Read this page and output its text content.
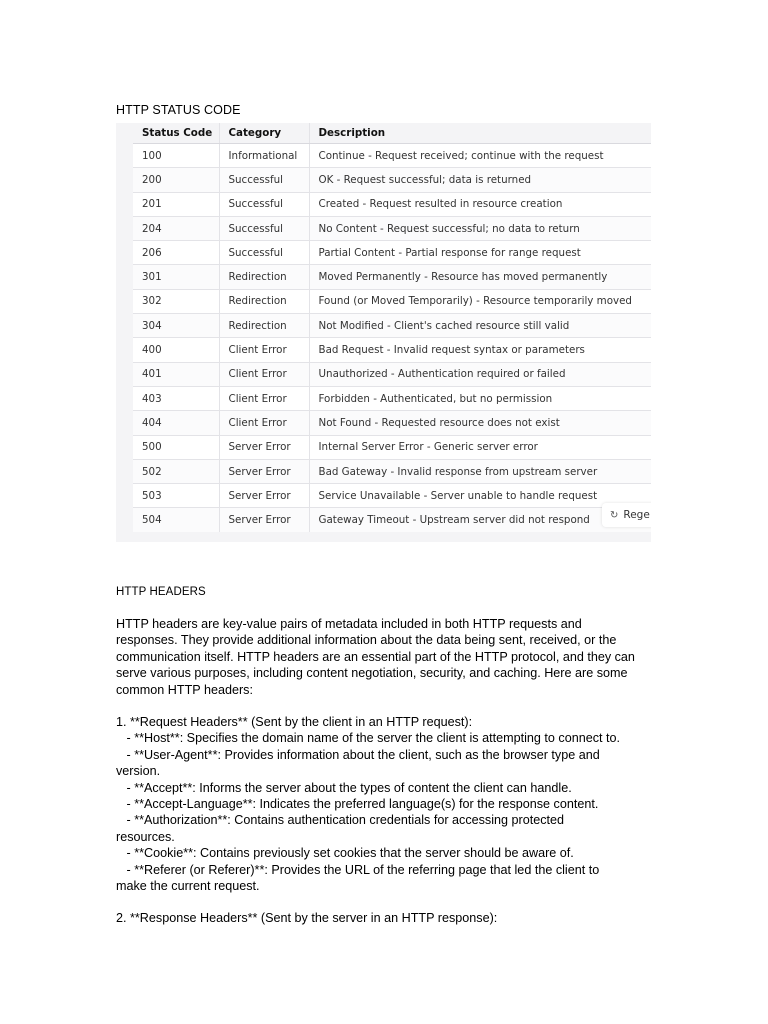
HTTP STATUS CODE
Status Code	Category	Description
100	Informational	Continue - Request received; continue with the request
200	Successful	OK - Request successful; data is returned
201	Successful	Created - Request resulted in resource creation
204	Successful	No Content - Request successful; no data to return
206	Successful	Partial Content - Partial response for range request
301	Redirection	Moved Permanently - Resource has moved permanently
302	Redirection	Found (or Moved Temporarily) - Resource temporarily moved
304	Redirection	Not Modified - Client's cached resource still valid
400	Client Error	Bad Request - Invalid request syntax or parameters
401	Client Error	Unauthorized - Authentication required or failed
403	Client Error	Forbidden - Authenticated, but no permission
404	Client Error	Not Found - Requested resource does not exist
500	Server Error	Internal Server Error - Generic server error
502	Server Error	Bad Gateway - Invalid response from upstream server
503	Server Error	Service Unavailable - Server unable to handle request
504	Server Error	Gateway Timeout - Upstream server did not respond ↻ Rege
HTTP HEADERS
HTTP headers are key-value pairs of metadata included in both HTTP requests and
responses. They provide additional information about the data being sent, received, or the
communication itself. HTTP headers are an essential part of the HTTP protocol, and they can
serve various purposes, including content negotiation, security, and caching. Here are some
common HTTP headers:
1. **Request Headers** (Sent by the client in an HTTP request):
- **Host**: Specifies the domain name of the server the client is attempting to connect to.
- **User-Agent**: Provides information about the client, such as the browser type and
version.
- **Accept**: Informs the server about the types of content the client can handle.
- **Accept-Language**: Indicates the preferred language(s) for the response content.
- **Authorization**: Contains authentication credentials for accessing protected
resources.
- **Cookie**: Contains previously set cookies that the server should be aware of.
- **Referer (or Referer)**: Provides the URL of the referring page that led the client to
make the current request.
2. **Response Headers** (Sent by the server in an HTTP response):
